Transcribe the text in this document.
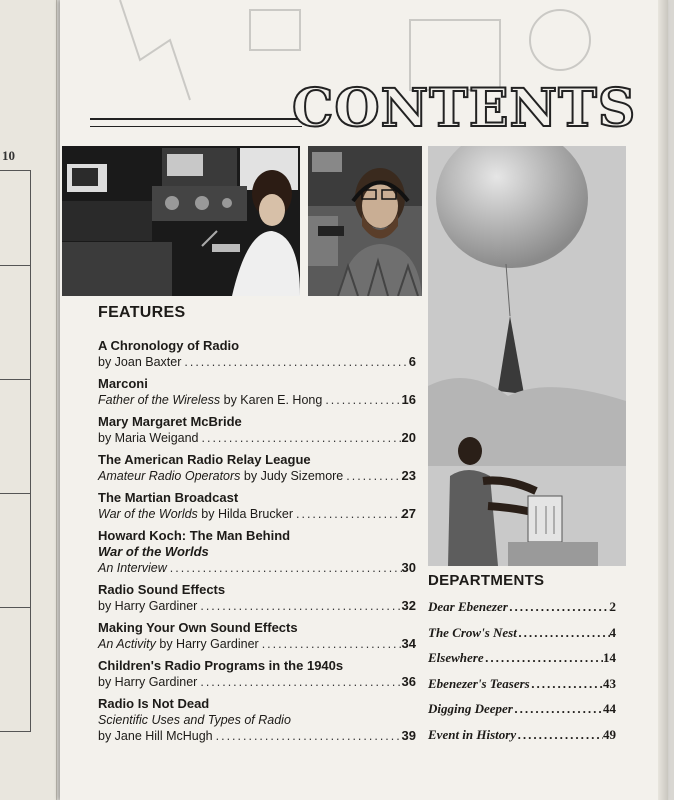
10
CONTENTS
FEATURES
A Chronology of Radio
by Joan Baxter .....	6
Marconi
Father of the Wireless by Karen E. Hong .....	16
Mary Margaret McBride
by Maria Weigand .....	20
The American Radio Relay League
Amateur Radio Operators by Judy Sizemore .....	23
The Martian Broadcast
War of the Worlds by Hilda Brucker .....	27
Howard Koch: The Man Behind
War of the Worlds
An Interview .....	30
Radio Sound Effects
by Harry Gardiner .....	32
Making Your Own Sound Effects
An Activity by Harry Gardiner .....	34
Children's Radio Programs in the 1940s
by Harry Gardiner .....	36
Radio Is Not Dead
Scientific Uses and Types of Radio
by Jane Hill McHugh .....	39
DEPARTMENTS
Dear Ebenezer .....	2
The Crow's Nest .....	4
Elsewhere .....	14
Ebenezer's Teasers .....	43
Digging Deeper .....	44
Event in History .....	49
